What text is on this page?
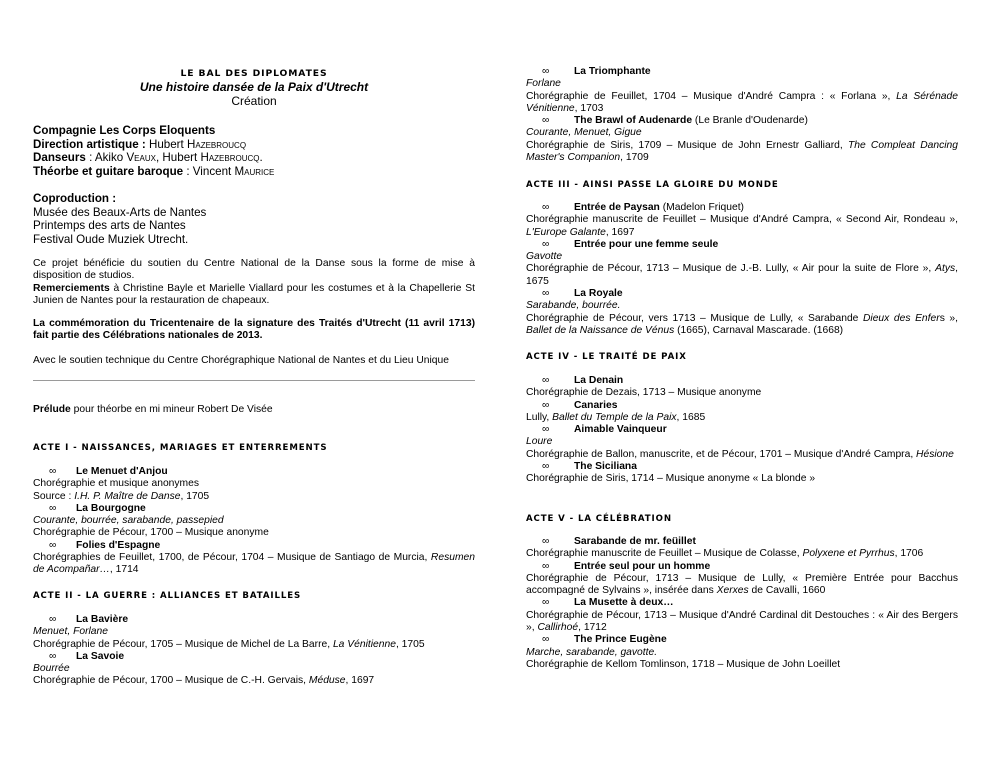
LE BAL DES DIPLOMATES
Une histoire dansée de la Paix d'Utrecht
Création
Compagnie Les Corps Eloquents
Direction artistique : Hubert Hazebroucq
Danseurs : Akiko Veaux, Hubert Hazebroucq.
Théorbe et guitare baroque : Vincent Maurice
Coproduction :
Musée des Beaux-Arts de Nantes
Printemps des arts de Nantes
Festival Oude Muziek Utrecht.
Ce projet bénéficie du soutien du Centre National de la Danse sous la forme de mise à disposition de studios.
Remerciements à Christine Bayle et Marielle Viallard pour les costumes et à la Chapellerie St Junien de Nantes pour la restauration de chapeaux.
La commémoration du Tricentenaire de la signature des Traités d'Utrecht (11 avril 1713) fait partie des Célébrations nationales de 2013.
Avec le soutien technique du Centre Chorégraphique National de Nantes et du Lieu Unique
Prélude pour théorbe en mi mineur Robert De Visée
ACTE I - NAISSANCES, MARIAGES ET ENTERREMENTS
∞ Le Menuet d'Anjou
Chorégraphie et musique anonymes
Source : I.H. P. Maître de Danse, 1705
∞ La Bourgogne
Courante, bourrée, sarabande, passepied
Chorégraphie de Pécour, 1700 – Musique anonyme
∞ Folies d'Espagne
Chorégraphies de Feuillet, 1700, de Pécour, 1704 – Musique de Santiago de Murcia, Resumen de Acompañar…, 1714
ACTE II - LA GUERRE : ALLIANCES ET BATAILLES
∞ La Bavière
Menuet, Forlane
Chorégraphie de Pécour, 1705 – Musique de Michel de La Barre, La Vénitienne, 1705
∞ La Savoie
Bourrée
Chorégraphie de Pécour, 1700 – Musique de C.-H. Gervais, Méduse, 1697
∞ La Triomphante
Forlane
Chorégraphie de Feuillet, 1704 – Musique d'André Campra : « Forlana », La Sérénade Vénitienne, 1703
∞ The Brawl of Audenarde (Le Branle d'Oudenarde)
Courante, Menuet, Gigue
Chorégraphie de Siris, 1709 – Musique de John Ernestr Galliard, The Compleat Dancing Master's Companion, 1709
ACTE III - AINSI PASSE LA GLOIRE DU MONDE
∞ Entrée de Paysan (Madelon Friquet)
Chorégraphie manuscrite de Feuillet – Musique d'André Campra, « Second Air, Rondeau », L'Europe Galante, 1697
∞ Entrée pour une femme seule
Gavotte
Chorégraphie de Pécour, 1713 – Musique de J.-B. Lully, « Air pour la suite de Flore », Atys, 1675
∞ La Royale
Sarabande, bourrée.
Chorégraphie de Pécour, vers 1713 – Musique de Lully, « Sarabande Dieux des Enfers », Ballet de la Naissance de Vénus (1665), Carnaval Mascarade. (1668)
ACTE IV - LE TRAITÉ DE PAIX
∞ La Denain
Chorégraphie de Dezais, 1713 – Musique anonyme
∞ Canaries
Lully, Ballet du Temple de la Paix, 1685
∞ Aimable Vainqueur
Loure
Chorégraphie de Ballon, manuscrite, et de Pécour, 1701 – Musique d'André Campra, Hésione
∞ The Siciliana
Chorégraphie de Siris, 1714 – Musique anonyme « La blonde »
ACTE V - LA CÉLÉBRATION
∞ Sarabande de mr. feüillet
Chorégraphie manuscrite de Feuillet – Musique de Colasse, Polyxene et Pyrrhus, 1706
∞ Entrée seul pour un homme
Chorégraphie de Pécour, 1713 – Musique de Lully, « Première Entrée pour Bacchus accompagné de Sylvains », insérée dans Xerxes de Cavalli, 1660
∞ La Musette à deux…
Chorégraphie de Pécour, 1713 – Musique d'André Cardinal dit Destouches : « Air des Bergers », Callirhoé, 1712
∞ The Prince Eugène
Marche, sarabande, gavotte.
Chorégraphie de Kellom Tomlinson, 1718 – Musique de John Loeillet
